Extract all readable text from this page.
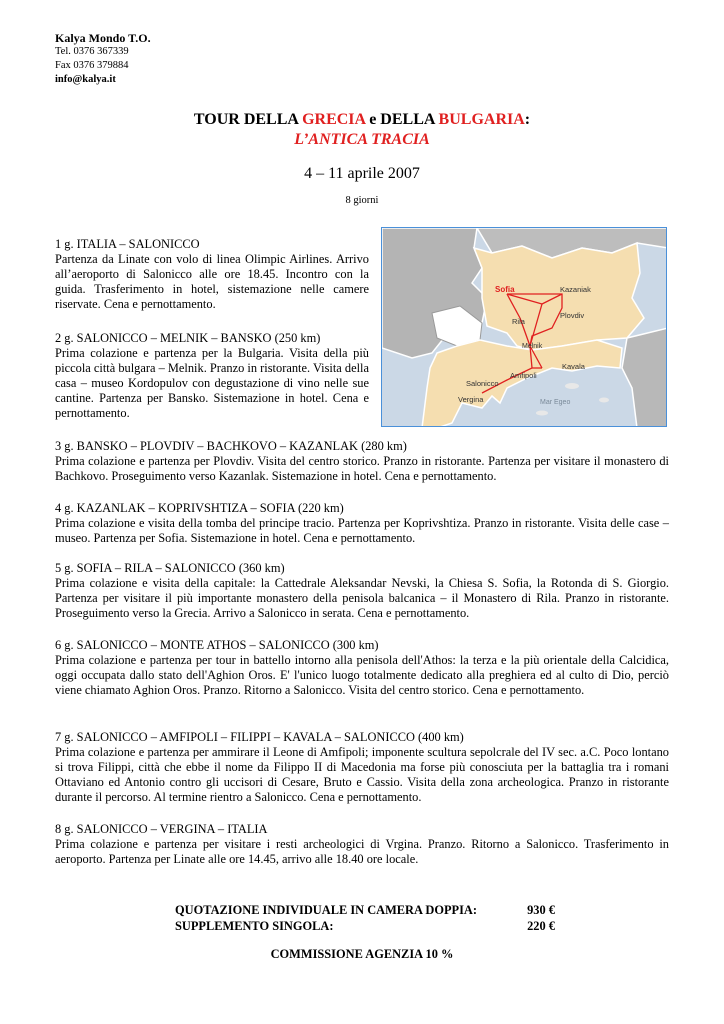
Kalya Mondo T.O.
Tel. 0376 367339
Fax 0376 379884
info@kalya.it
TOUR DELLA GRECIA e DELLA BULGARIA:
L’ANTICA TRACIA
4 – 11 aprile 2007
8 giorni
1 g. ITALIA – SALONICCO
Partenza da Linate con volo di linea Olimpic Airlines. Arrivo all’aeroporto di Salonicco alle ore 18.45. Incontro con la guida. Trasferimento in hotel, sistemazione nelle camere riservate. Cena e pernottamento.
2 g. SALONICCO – MELNIK – BANSKO (250 km)
Prima colazione e partenza per la Bulgaria. Visita della più piccola città bulgara – Melnik. Pranzo in ristorante. Visita della casa – museo Kordopulov con degustazione di vino nelle sue cantine. Partenza per Bansko. Sistemazione in hotel. Cena e pernottamento.
3 g. BANSKO – PLOVDIV – BACHKOVO – KAZANLAK (280 km)
Prima colazione e partenza per Plovdiv. Visita del centro storico. Pranzo in ristorante. Partenza per visitare il monastero di Bachkovo. Proseguimento verso Kazanlak. Sistemazione in hotel. Cena e pernottamento.
4 g. KAZANLAK – KOPRIVSHTIZA – SOFIA (220 km)
Prima colazione e visita della tomba del principe tracio. Partenza per Koprivshtiza. Pranzo in ristorante. Visita delle case – museo. Partenza per Sofia. Sistemazione in hotel. Cena e pernottamento.
5 g. SOFIA – RILA – SALONICCO (360 km)
Prima colazione e visita della capitale: la Cattedrale Aleksandar Nevski, la Chiesa S. Sofia, la Rotonda di S. Giorgio. Partenza per visitare il più importante monastero della penisola balcanica – il Monastero di Rila. Pranzo in ristorante. Proseguimento verso la Grecia. Arrivo a Salonicco in serata. Cena e pernottamento.
6 g. SALONICCO – MONTE ATHOS – SALONICCO (300 km)
Prima colazione e partenza per tour in battello intorno alla penisola dell'Athos: la terza e la più orientale della Calcidica, oggi occupata dallo stato dell'Aghion Oros. E' l'unico luogo totalmente dedicato alla preghiera ed al culto di Dio, perciò viene chiamato Aghion Oros. Pranzo. Ritorno a Salonicco. Visita del centro storico. Cena e pernottamento.
7 g. SALONICCO – AMFIPOLI – FILIPPI – KAVALA – SALONICCO (400 km)
Prima colazione e partenza per ammirare il Leone di Amfipoli; imponente scultura sepolcrale del IV sec. a.C. Poco lontano si trova Filippi, città che ebbe il nome da Filippo II di Macedonia ma forse più conosciuta per la battaglia tra i romani Ottaviano ed Antonio contro gli uccisori di Cesare, Bruto e Cassio. Visita della zona archeologica. Pranzo in ristorante durante il percorso. Al termine rientro a Salonicco. Cena e pernottamento.
8 g. SALONICCO – VERGINA – ITALIA
Prima colazione e partenza per visitare i resti archeologici di Vrgina. Pranzo. Ritorno a Salonicco. Trasferimento in aeroporto. Partenza per Linate alle ore 14.45, arrivo alle 18.40 ore locale.
Sofia	Kazaniak
Rila
Plovdiv
Melnik
Kavala
Amfipoli
Salonicco
Vergina	Mar Egeo
QUOTAZIONE INDIVIDUALE IN CAMERA DOPPIA:	930 €
SUPPLEMENTO SINGOLA:	220 €
COMMISSIONE AGENZIA 10 %
